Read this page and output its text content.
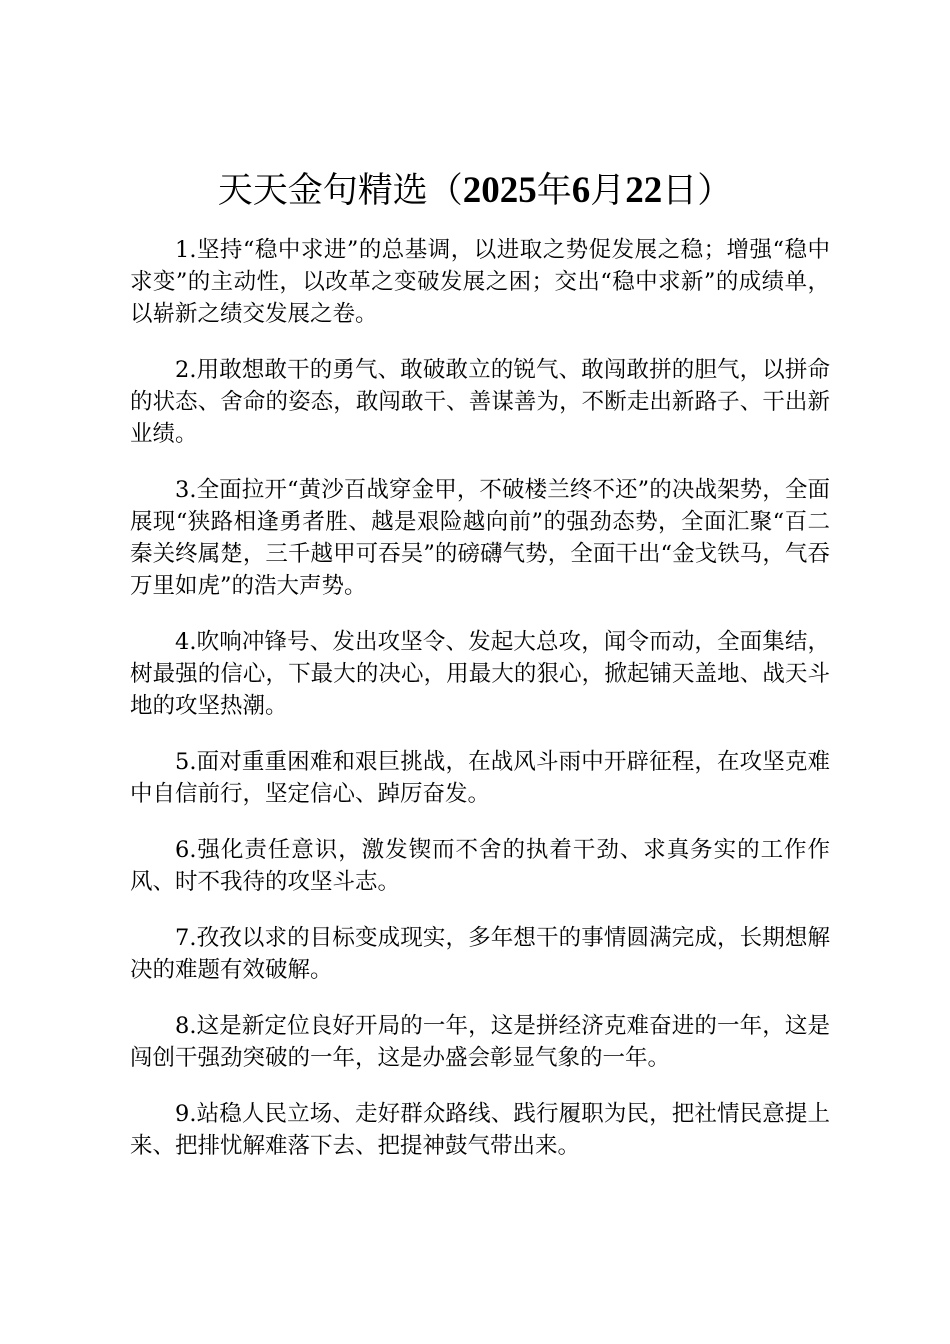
天天金句精选（2025年6月22日）

1.坚持“稳中求进”的总基调，以进取之势促发展之稳；增强“稳中求变”的主动性，以改革之变破发展之困；交出“稳中求新”的成绩单，以崭新之绩交发展之卷。

2.用敢想敢干的勇气、敢破敢立的锐气、敢闯敢拼的胆气，以拼命的状态、舍命的姿态，敢闯敢干、善谋善为，不断走出新路子、干出新业绩。

3.全面拉开“黄沙百战穿金甲，不破楼兰终不还”的决战架势，全面展现“狭路相逢勇者胜、越是艰险越向前”的强劲态势，全面汇聚“百二秦关终属楚，三千越甲可吞吴”的磅礴气势，全面干出“金戈铁马，气吞万里如虎”的浩大声势。

4.吹响冲锋号、发出攻坚令、发起大总攻，闻令而动，全面集结，树最强的信心，下最大的决心，用最大的狠心，掀起铺天盖地、战天斗地的攻坚热潮。

5.面对重重困难和艰巨挑战，在战风斗雨中开辟征程，在攻坚克难中自信前行，坚定信心、踔厉奋发。

6.强化责任意识，激发锲而不舍的执着干劲、求真务实的工作作风、时不我待的攻坚斗志。

7.孜孜以求的目标变成现实，多年想干的事情圆满完成，长期想解决的难题有效破解。

8.这是新定位良好开局的一年，这是拼经济克难奋进的一年，这是闯创干强劲突破的一年，这是办盛会彰显气象的一年。

9.站稳人民立场、走好群众路线、践行履职为民，把社情民意提上来、把排忧解难落下去、把提神鼓气带出来。
